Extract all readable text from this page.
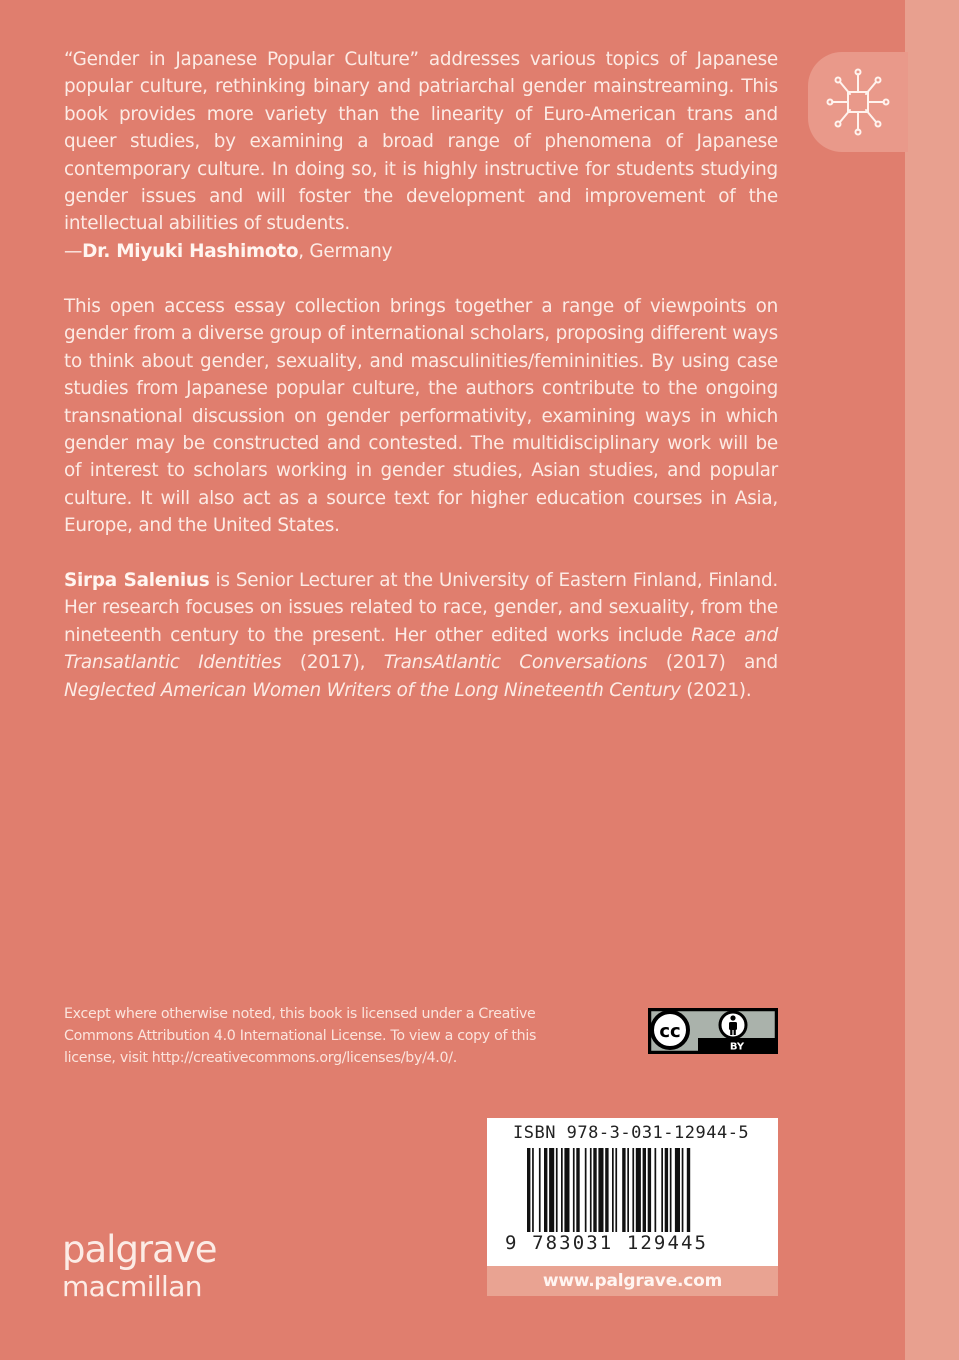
“Gender in Japanese Popular Culture” addresses various topics of Japanese popular culture, rethinking binary and patriarchal gender mainstreaming. This book provides more variety than the linearity of Euro-American trans and queer studies, by examining a broad range of phenomena of Japanese contemporary culture. In doing so, it is highly instructive for students studying gender issues and will foster the development and improvement of the intellectual abilities of students.

—Dr. Miyuki Hashimoto, Germany

This open access essay collection brings together a range of viewpoints on gender from a diverse group of international scholars, proposing different ways to think about gender, sexuality, and masculinities/femininities. By using case studies from Japanese popular culture, the authors contribute to the ongoing transnational discussion on gender performativity, examining ways in which gender may be constructed and contested. The multidisciplinary work will be of interest to scholars working in gender studies, Asian studies, and popular culture. It will also act as a source text for higher education courses in Asia, Europe, and the United States.

Sirpa Salenius is Senior Lecturer at the University of Eastern Finland, Finland. Her research focuses on issues related to race, gender, and sexuality, from the nineteenth century to the present. Her other edited works include Race and Transatlantic Identities (2017), TransAtlantic Conversations (2017) and Neglected American Women Writers of the Long Nineteenth Century (2021).

Except where otherwise noted, this book is licensed under a Creative

Commons Attribution 4.0 International License. To view a copy of this

license, visit http://creativecommons.org/licenses/by/4.0/.

cc
BY
ISBN 978-3-031-12944-5
9 783031 129445
www.palgrave.com
palgrave
macmillan
